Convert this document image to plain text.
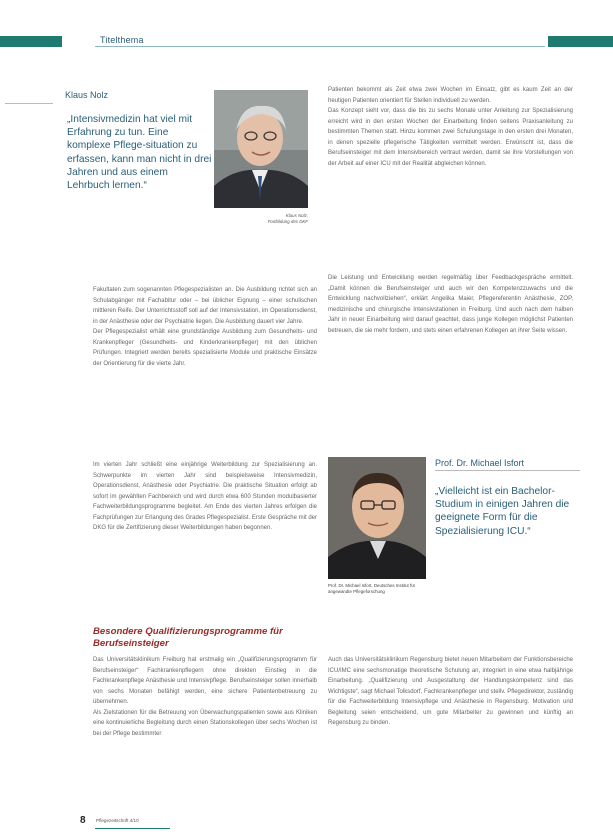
Titelthema
Klaus Nolz
„Intensivmedizin hat viel mit Erfahrung zu tun. Eine komplexe Pflege-situation zu erfassen, kann man nicht in drei Jahren und aus einem Lehrbuch lernen.“
Klaus Nolz,
Fortbildung des DKF
Patienten bekommt als Zeit etwa zwei Wochen im Einsatz, gibt es kaum Zeit an der heutigen Patienten orientiert für Stellen individuell zu werden.
Das Konzept sieht vor, dass die bis zu sechs Monate unter Anleitung zur Spezialisierung erreicht wird in den ersten Wochen der Einarbeitung finden seitens Praxisanleitung zu bestimmten Themen statt. Hinzu kommen zwei Schulungstage in den ersten drei Monaten, in denen spezielle pflegerische Tätigkeiten vermittelt werden. Erwünscht ist, dass die Berufseinsteiger mit dem Intensivbereich vertraut werden, damit sie ihre Vorstellungen von der Arbeit auf einer ICU mit der Realität abgleichen können.
Die Leistung und Entwicklung werden regelmäßig über Feedbackgespräche ermittelt. „Damit können die Berufseinsteiger und auch wir den Kompetenzzuwachs und die Entwicklung nachvollziehen“, erklärt Angelika Maier, Pflegereferentin Anästhesie, ZOP, medizinische und chirurgische Intensivstationen in Freiburg. Und auch nach dem halben Jahr in neuer Einarbeitung wird darauf geachtet, dass junge Kollegen möglichst Patienten betreuen, die sie mehr fordern, und stets einen erfahrenen Kollegen an ihrer Seite wissen.
Fakultaten zum sogenannten Pflegespezialisten an. Die Ausbildung richtet sich an Schulabgänger mit Fachabitur oder – bei üblicher Eignung – einer schulischen mittleren Reife. Der Unterrichtsstoff soll auf der Intensivstation, im Operationsdienst, in der Anästhesie oder der Psychiatrie liegen. Die Ausbildung dauert vier Jahre.
Der Pflegespezialist erhält eine grundständige Ausbildung zum Gesundheits- und Krankenpfleger (Gesundheits- und Kinderkrankenpfleger) mit den üblichen Prüfungen. Integriert werden bereits spezialisierte Module und praktische Einsätze der Orientierung für die vierte Jahr.
Im vierten Jahr schließt eine einjährige Weiterbildung zur Spezialisierung an. Schwerpunkte im vierten Jahr sind beispielsweise Intensivmedizin, Operationsdienst, Anästhesie oder Psychiatrie. Die praktische Situation erfolgt ab sofort im gewählten Fachbereich und wird durch etwa 600 Stunden modulbasierter Fachweiterbildungsprogramme begleitet. Am Ende des vierten Jahres erfolgen die Fachprüfungen zur Erlangung des Grades Pflegespezialist. Erste Gespräche mit der DKG für die Zertifizierung dieser Weiterbildungen haben begonnen.
Prof. Dr. Michael Isfort
„Vielleicht ist ein Bachelor-Studium in einigen Jahren die geeignete Form für die Spezialisierung ICU.“
Prof. Dr. Michael Isfort, Deutsches Institut für angewandte Pflegeforschung
Besondere Qualifizierungsprogramme für Berufseinsteiger
Das Universitätsklinikum Freiburg hat erstmalig ein „Qualifizierungsprogramm für Berufseinsteiger“ Fachkrankenpflegern ohne direkten Einstieg in die Fachkrankenpflege Anästhesie und Intensivpflege. Berufseinsteiger sollen innerhalb von sechs Monaten befähigt werden, eine sichere Patientenbetreuung zu übernehmen.
Als Zielstationen für die Betreuung von Überwachungspatienten sowie aus Kliniken eine kontinuierliche Begleitung durch einen Stationskollegen über sechs Wochen ist bei der Pflege bestimmter
Auch das Universitätsklinikum Regensburg bietet neuen Mitarbeitern der Funktionsbereiche ICU/IMC eine sechsmonatige theoretische Schulung an, integriert in eine etwa halbjährige Einarbeitung. „Qualifizierung und Ausgestaltung der Handlungskompetenz sind das Wichtigste“, sagt Michael Tolksdorf, Fachkrankenpfleger und stellv. Pflegedirektor, zuständig für die Fachweiterbildung Intensivpflege und Anästhesie in Regensburg. Motivation und Begleitung seien entscheidend, um gute Mitarbeiter zu gewinnen und künftig an Regensburg zu binden.
8 Pflegezeitschrift 4/10
